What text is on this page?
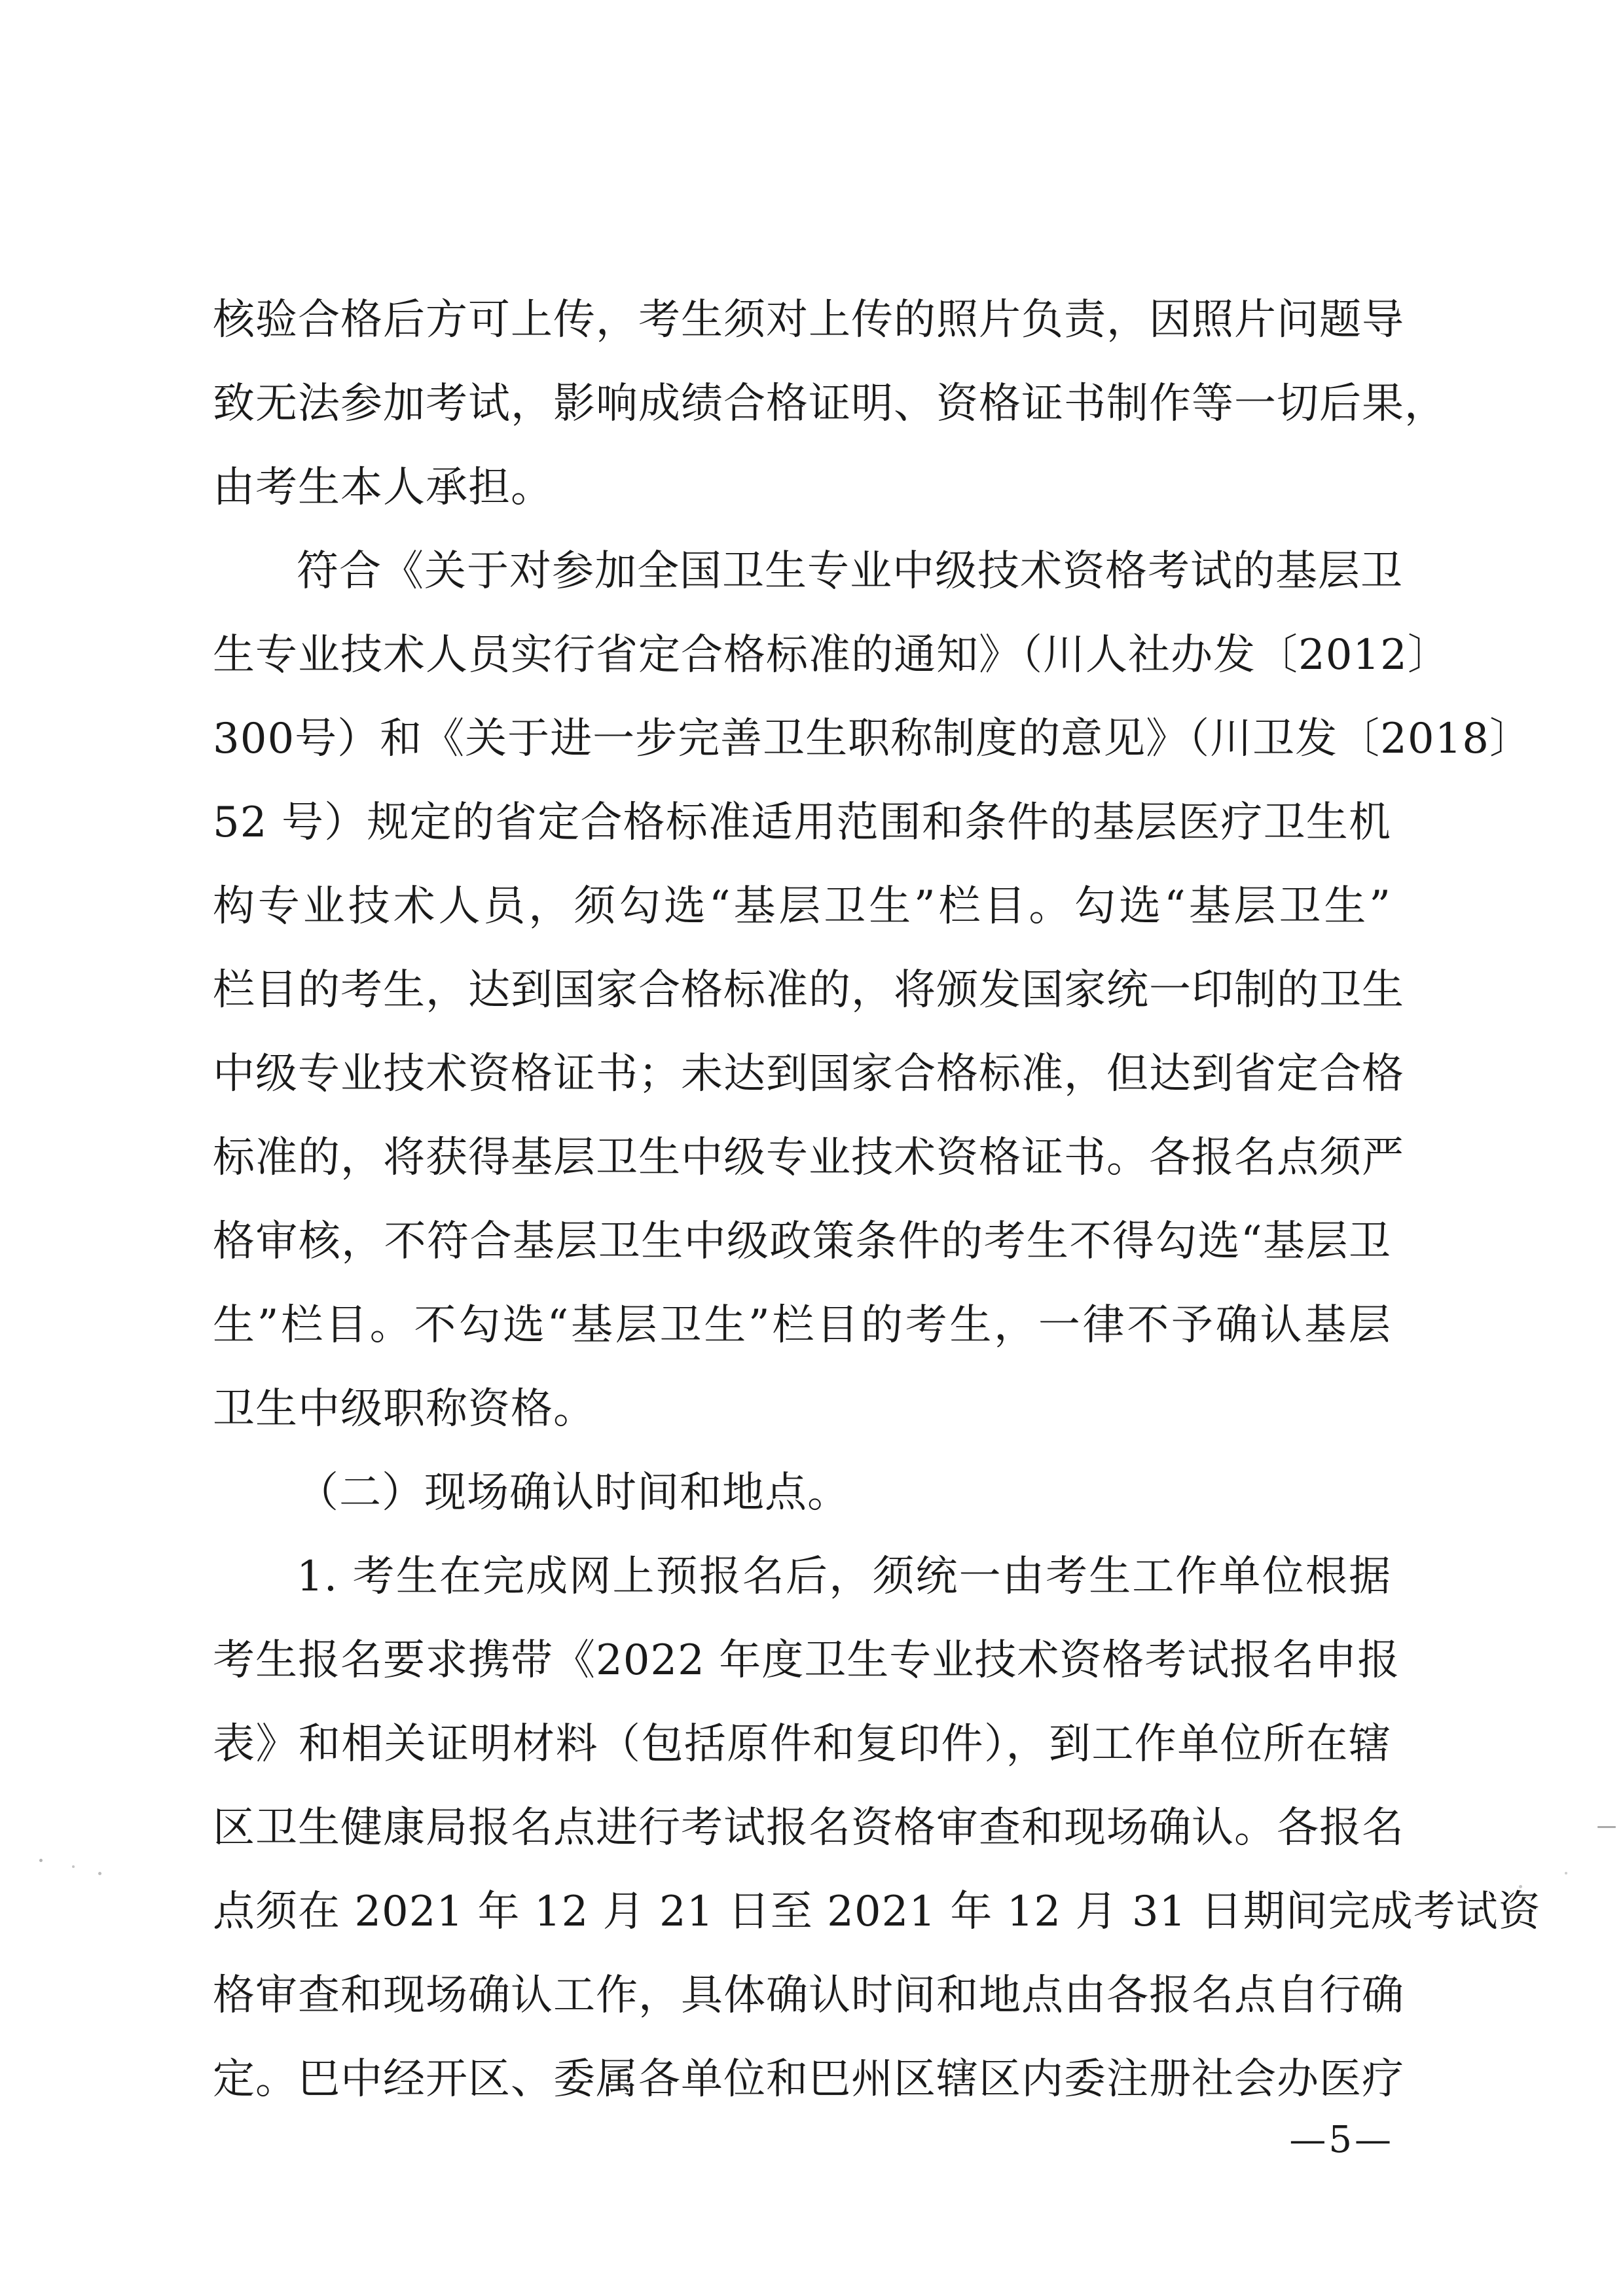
核验合格后方可上传，考生须对上传的照片负责，因照片问题导
致无法参加考试，影响成绩合格证明、资格证书制作等一切后果，
由考生本人承担。
符合《关于对参加全国卫生专业中级技术资格考试的基层卫
生专业技术人员实行省定合格标准的通知》（川人社办发〔2012〕
300号）和《关于进一步完善卫生职称制度的意见》（川卫发〔2018〕
52 号）规定的省定合格标准适用范围和条件的基层医疗卫生机
构专业技术人员，须勾选“基层卫生”栏目。勾选“基层卫生”
栏目的考生，达到国家合格标准的，将颁发国家统一印制的卫生
中级专业技术资格证书；未达到国家合格标准，但达到省定合格
标准的，将获得基层卫生中级专业技术资格证书。各报名点须严
格审核，不符合基层卫生中级政策条件的考生不得勾选“基层卫
生”栏目。不勾选“基层卫生”栏目的考生，一律不予确认基层
卫生中级职称资格。
（二）现场确认时间和地点。
1. 考生在完成网上预报名后，须统一由考生工作单位根据
考生报名要求携带《2022 年度卫生专业技术资格考试报名申报
表》和相关证明材料（包括原件和复印件），到工作单位所在辖
区卫生健康局报名点进行考试报名资格审查和现场确认。各报名
点须在 2021 年 12 月 21 日至 2021 年 12 月 31 日期间完成考试资
格审查和现场确认工作，具体确认时间和地点由各报名点自行确
定。巴中经开区、委属各单位和巴州区辖区内委注册社会办医疗
—5—
